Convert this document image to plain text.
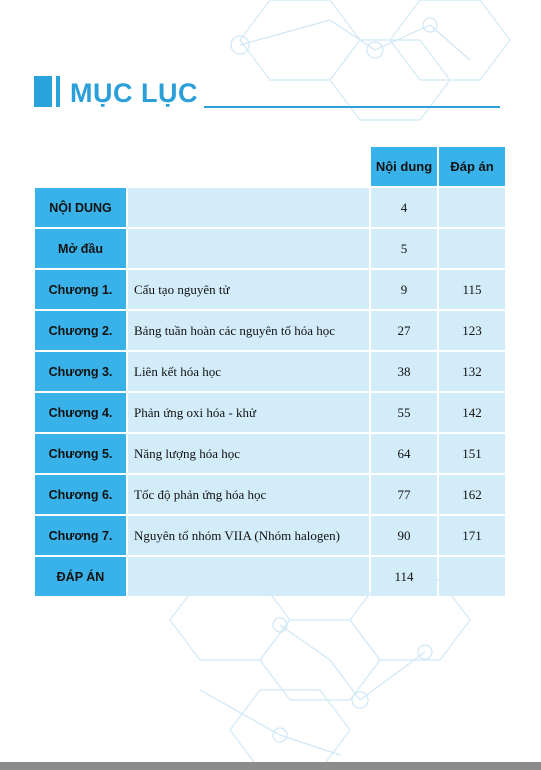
MỤC LỤC
		Nội dung	Đáp án
NỘI DUNG		4	
Mở đầu		5	
Chương 1.	Cấu tạo nguyên tử	9	115
Chương 2.	Bảng tuần hoàn các nguyên tố hóa học	27	123
Chương 3.	Liên kết hóa học	38	132
Chương 4.	Phản ứng oxi hóa - khử	55	142
Chương 5.	Năng lượng hóa học	64	151
Chương 6.	Tốc độ phản ứng hóa học	77	162
Chương 7.	Nguyên tố nhóm VIIA (Nhóm halogen)	90	171
ĐÁP ÁN		114	
